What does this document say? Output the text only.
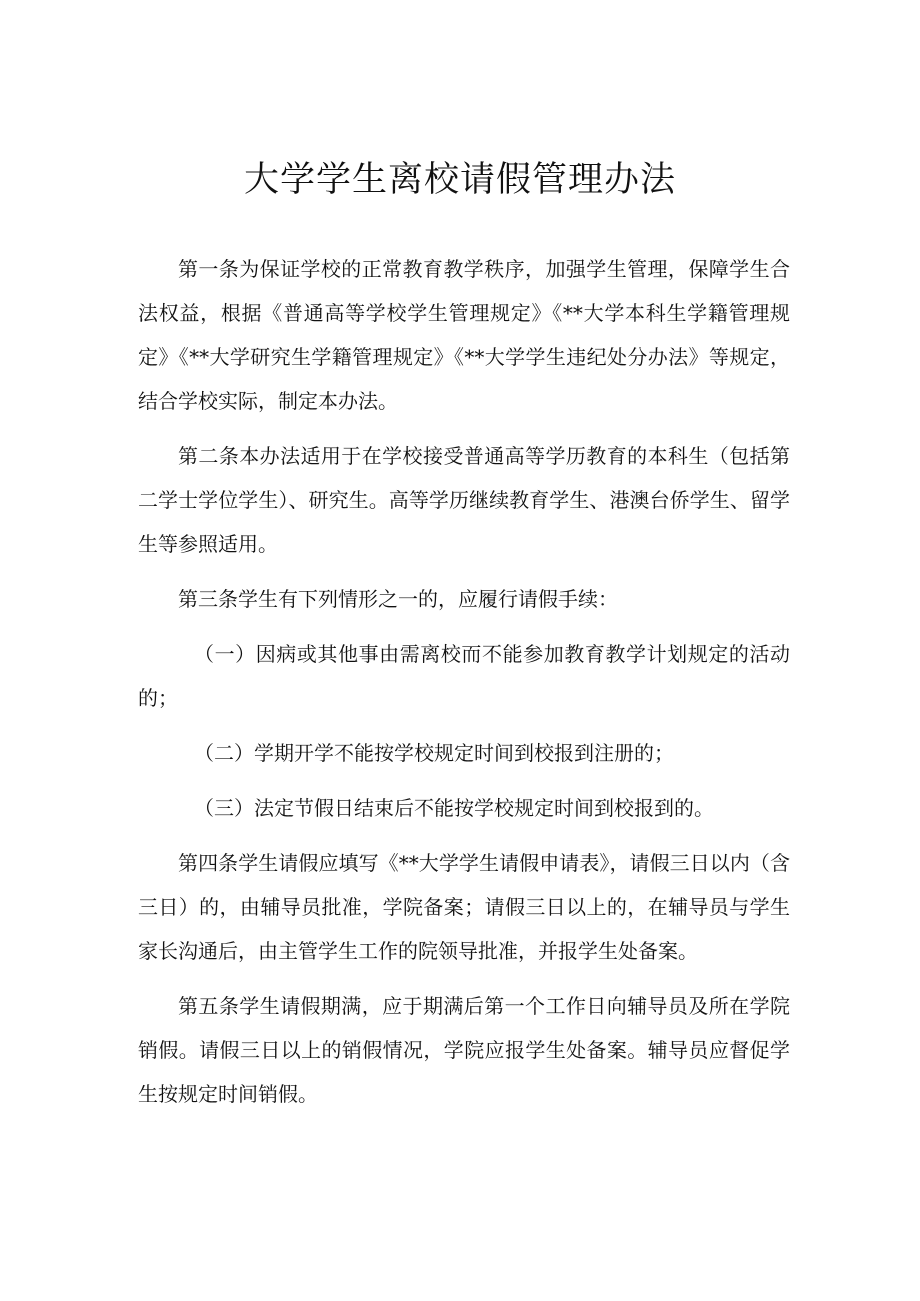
大学学生离校请假管理办法

第一条为保证学校的正常教育教学秩序，加强学生管理，保障学生合法权益，根据《普通高等学校学生管理规定》《**大学本科生学籍管理规定》《**大学研究生学籍管理规定》《**大学学生违纪处分办法》等规定，结合学校实际，制定本办法。

第二条本办法适用于在学校接受普通高等学历教育的本科生（包括第二学士学位学生）、研究生。高等学历继续教育学生、港澳台侨学生、留学生等参照适用。

第三条学生有下列情形之一的，应履行请假手续：

（一）因病或其他事由需离校而不能参加教育教学计划规定的活动的；

（二）学期开学不能按学校规定时间到校报到注册的；

（三）法定节假日结束后不能按学校规定时间到校报到的。

第四条学生请假应填写《**大学学生请假申请表》，请假三日以内（含三日）的，由辅导员批准，学院备案；请假三日以上的，在辅导员与学生家长沟通后，由主管学生工作的院领导批准，并报学生处备案。

第五条学生请假期满，应于期满后第一个工作日向辅导员及所在学院销假。请假三日以上的销假情况，学院应报学生处备案。辅导员应督促学生按规定时间销假。
